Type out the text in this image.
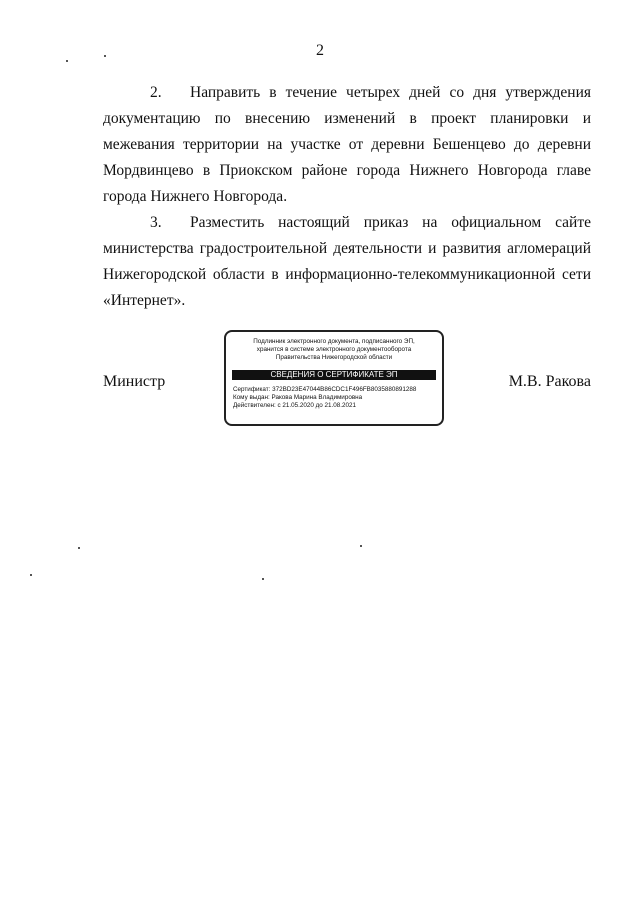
2

2. Направить в течение четырех дней со дня утверждения документацию по внесению изменений в проект планировки и межевания территории на участке от деревни Бешенцево до деревни Мордвинцево в Приокском районе города Нижнего Новгорода главе города Нижнего Новгорода.

3. Разместить настоящий приказ на официальном сайте министерства градостроительной деятельности и развития агломераций Нижегородской области в информационно-телекоммуникационной сети «Интернет».

Министр
Подлинник электронного документа, подписанного ЭП,
хранится в системе электронного документооборота
Правительства Нижегородской области
СВЕДЕНИЯ О СЕРТИФИКАТЕ ЭП
Сертификат: 372BD23E47044B86CDC1F496FB8035880891288
Кому выдан: Ракова Марина Владимировна
Действителен: с 21.05.2020 до 21.08.2021
М.В. Ракова
